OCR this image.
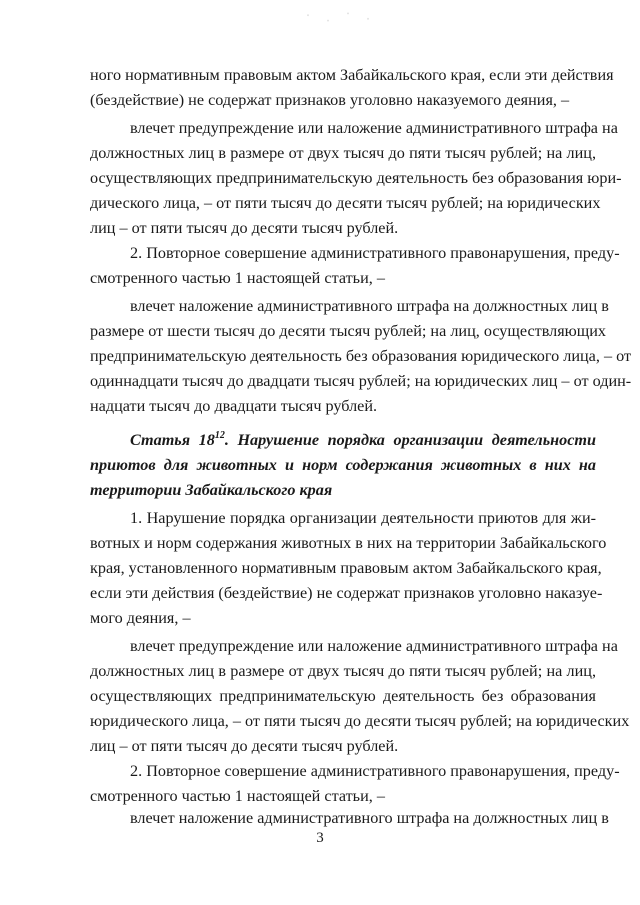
ного нормативным правовым актом Забайкальского края, если эти действия
(бездействие) не содержат признаков уголовно наказуемого деяния, –
влечет предупреждение или наложение административного штрафа на
должностных лиц в размере от двух тысяч до пяти тысяч рублей; на лиц,
осуществляющих предпринимательскую деятельность без образования юри-
дического лица, – от пяти тысяч до десяти тысяч рублей; на юридических
лиц – от пяти тысяч до десяти тысяч рублей.
2. Повторное совершение административного правонарушения, преду-
смотренного частью 1 настоящей статьи, –
влечет наложение административного штрафа на должностных лиц в
размере от шести тысяч до десяти тысяч рублей; на лиц, осуществляющих
предпринимательскую деятельность без образования юридического лица, – от
одиннадцати тысяч до двадцати тысяч рублей; на юридических лиц – от один-
надцати тысяч до двадцати тысяч рублей.
Статья $18^{12}$. Нарушение порядка организации деятельности
приютов для животных и норм содержания животных в них на
территории Забайкальского края
1. Нарушение порядка организации деятельности приютов для жи-
вотных и норм содержания животных в них на территории Забайкальского
края, установленного нормативным правовым актом Забайкальского края,
если эти действия (бездействие) не содержат признаков уголовно наказуе-
мого деяния, –
влечет предупреждение или наложение административного штрафа на
должностных лиц в размере от двух тысяч до пяти тысяч рублей; на лиц,
осуществляющих предпринимательскую деятельность без образования
юридического лица, – от пяти тысяч до десяти тысяч рублей; на юридических
лиц – от пяти тысяч до десяти тысяч рублей.
2. Повторное совершение административного правонарушения, преду-
смотренного частью 1 настоящей статьи, –
влечет наложение административного штрафа на должностных лиц в
3
